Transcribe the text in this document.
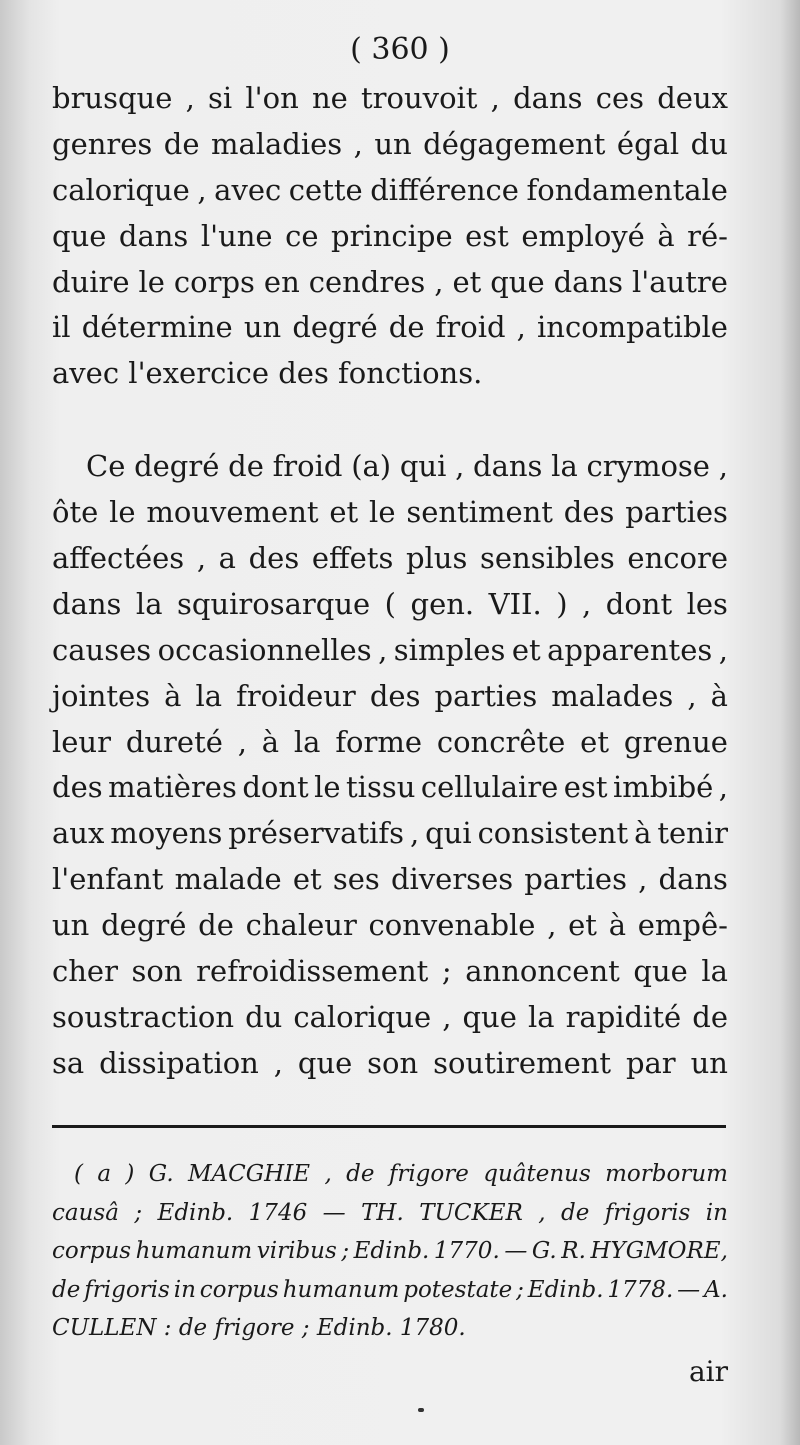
( 360 )
brusque , si l'on ne trouvoit , dans ces deux
genres de maladies , un dégagement égal du
calorique , avec cette différence fondamentale
que dans l'une ce principe est employé à ré-
duire le corps en cendres , et que dans l'autre
il détermine un degré de froid , incompatible
avec l'exercice des fonctions.
Ce degré de froid (a) qui , dans la crymose ,
ôte le mouvement et le sentiment des parties
affectées , a des effets plus sensibles encore
dans la squirosarque ( gen. VII. ) , dont les
causes occasionnelles , simples et apparentes ,
jointes à la froideur des parties malades , à
leur dureté , à la forme concrête et grenue
des matières dont le tissu cellulaire est imbibé ,
aux moyens préservatifs , qui consistent à tenir
l'enfant malade et ses diverses parties , dans
un degré de chaleur convenable , et à empê-
cher son refroidissement ; annoncent que la
soustraction du calorique , que la rapidité de
sa dissipation , que son soutirement par un
( a ) G. MACGHIE , de frigore quâtenus morborum
causâ ; Edinb. 1746 — TH. TUCKER , de frigoris in
corpus humanum viribus ; Edinb. 1770. — G. R. HYGMORE,
de frigoris in corpus humanum potestate ; Edinb. 1778. — A.
CULLEN : de frigore ; Edinb. 1780.
air
